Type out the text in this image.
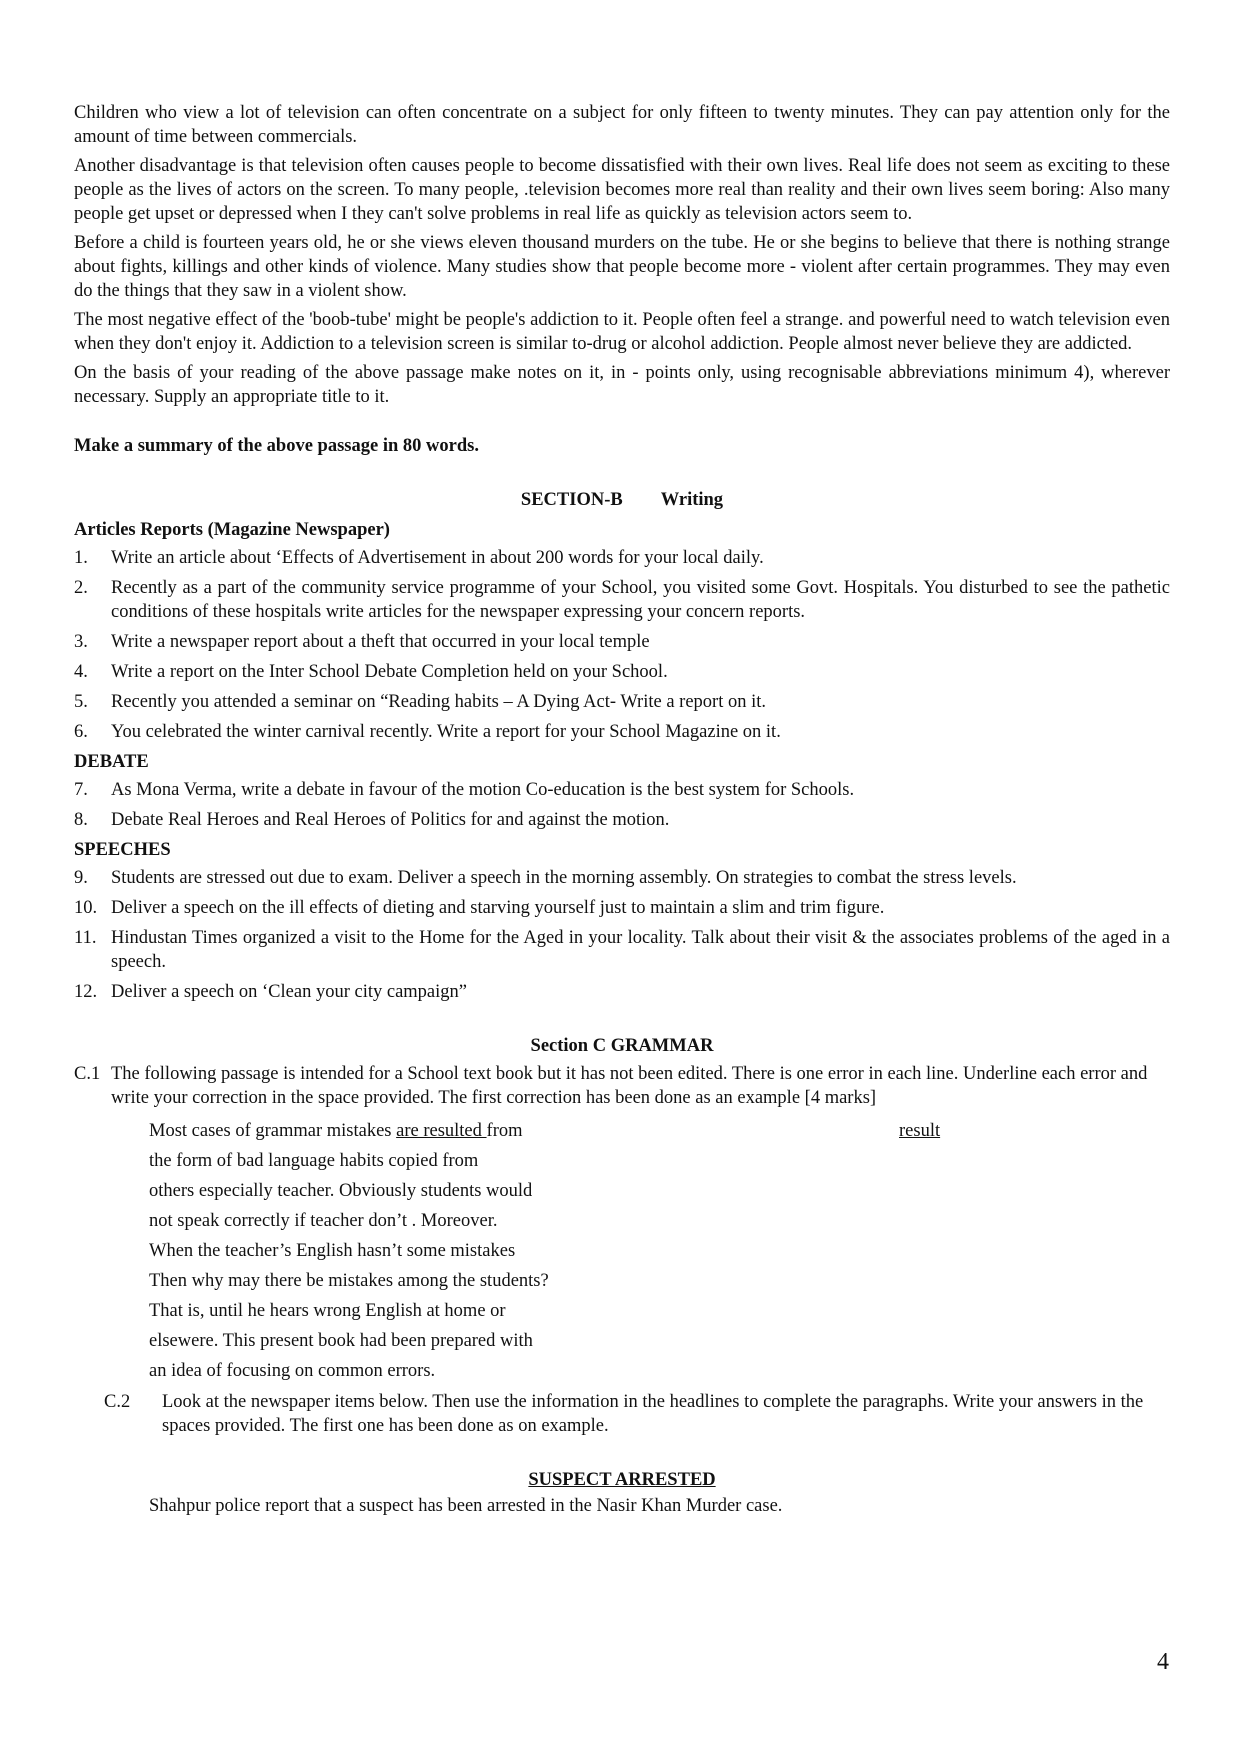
Children who view a lot of television can often concentrate on a subject for only fifteen to twenty minutes. They can pay attention only for the amount of time between commercials.

Another disadvantage is that television often causes people to become dissatisfied with their own lives. Real life does not seem as exciting to these people as the lives of actors on the screen. To many people, .television becomes more real than reality and their own lives seem boring: Also many people get upset or depressed when I they can't solve problems in real life as quickly as television actors seem to.

Before a child is fourteen years old, he or she views eleven thousand murders on the tube. He or she begins to believe that there is nothing strange about fights, killings and other kinds of violence. Many studies show that people become more - violent after certain programmes. They may even do the things that they saw in a violent show.

The most negative effect of the 'boob-tube' might be people's addiction to it. People often feel a strange. and powerful need to watch television even when they don't enjoy it. Addiction to a television screen is similar to-drug or alcohol addiction. People almost never believe they are addicted.

On the basis of your reading of the above passage make notes on it, in - points only, using recognisable abbreviations minimum 4), wherever necessary. Supply an appropriate title to it.

Make a summary of the above passage in 80 words.

SECTION-B Writing

Articles Reports (Magazine Newspaper)

1. Write an article about ‘Effects of Advertisement in about 200 words for your local daily.
2. Recently as a part of the community service programme of your School, you visited some Govt. Hospitals. You disturbed to see the pathetic conditions of these hospitals write articles for the newspaper expressing your concern reports.
3. Write a newspaper report about a theft that occurred in your local temple
4. Write a report on the Inter School Debate Completion held on your School.
5. Recently you attended a seminar on “Reading habits – A Dying Act- Write a report on it.
6. You celebrated the winter carnival recently. Write a report for your School Magazine on it.

DEBATE

7. As Mona Verma, write a debate in favour of the motion Co-education is the best system for Schools.
8. Debate Real Heroes and Real Heroes of Politics for and against the motion.

SPEECHES

9. Students are stressed out due to exam. Deliver a speech in the morning assembly. On strategies to combat the stress levels.
10. Deliver a speech on the ill effects of dieting and starving yourself just to maintain a slim and trim figure.
11. Hindustan Times organized a visit to the Home for the Aged in your locality. Talk about their visit & the associates problems of the aged in a speech.
12. Deliver a speech on ‘Clean your city campaign”

Section C GRAMMAR

C.1 The following passage is intended for a School text book but it has not been edited. There is one error in each line. Underline each error and write your correction in the space provided. The first correction has been done as an example [4 marks]
Most cases of grammar mistakes are resulted from	result
the form of bad language habits copied from
others especially teacher. Obviously students would
not speak correctly if teacher don’t . Moreover.
When the teacher’s English hasn’t some mistakes
Then why may there be mistakes among the students?
That is, until he hears wrong English at home or
elsewere. This present book had been prepared with
an idea of focusing on common errors.
C.2 Look at the newspaper items below. Then use the information in the headlines to complete the paragraphs. Write your answers in the spaces provided. The first one has been done as on example.

SUSPECT ARRESTED

Shahpur police report that a suspect has been arrested in the Nasir Khan Murder case.

4
